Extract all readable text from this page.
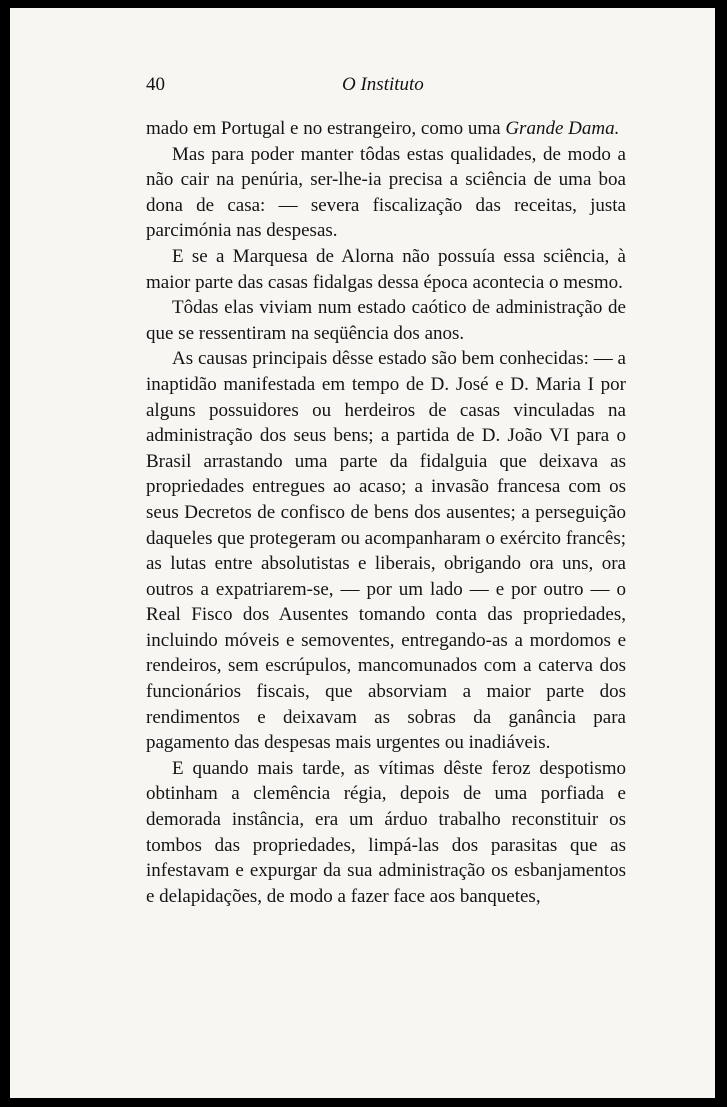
40	O Instituto

mado em Portugal e no estrangeiro, como uma Grande Dama.

Mas para poder manter tôdas estas qualidades, de modo a não cair na penúria, ser-lhe-ia precisa a sciência de uma boa dona de casa: — severa fiscalização das receitas, justa parcimónia nas despesas.

E se a Marquesa de Alorna não possuía essa sciência, à maior parte das casas fidalgas dessa época acontecia o mesmo.

Tôdas elas viviam num estado caótico de administração de que se ressentiram na seqüência dos anos.

As causas principais dêsse estado são bem conhecidas: — a inaptidão manifestada em tempo de D. José e D. Maria I por alguns possuidores ou herdeiros de casas vinculadas na administração dos seus bens; a partida de D. João VI para o Brasil arrastando uma parte da fidalguia que deixava as propriedades entregues ao acaso; a invasão francesa com os seus Decretos de confisco de bens dos ausentes; a perseguição daqueles que protegeram ou acompanharam o exército francês; as lutas entre absolutistas e liberais, obrigando ora uns, ora outros a expatriarem-se, — por um lado — e por outro — o Real Fisco dos Ausentes tomando conta das propriedades, incluindo móveis e semoventes, entregando-as a mordomos e rendeiros, sem escrúpulos, mancomunados com a caterva dos funcionários fiscais, que absorviam a maior parte dos rendimentos e deixavam as sobras da ganância para pagamento das despesas mais urgentes ou inadiáveis.

E quando mais tarde, as vítimas dêste feroz despotismo obtinham a clemência régia, depois de uma porfiada e demorada instância, era um árduo trabalho reconstituir os tombos das propriedades, limpá-las dos parasitas que as infestavam e expurgar da sua administração os esbanjamentos e delapidações, de modo a fazer face aos banquetes,
